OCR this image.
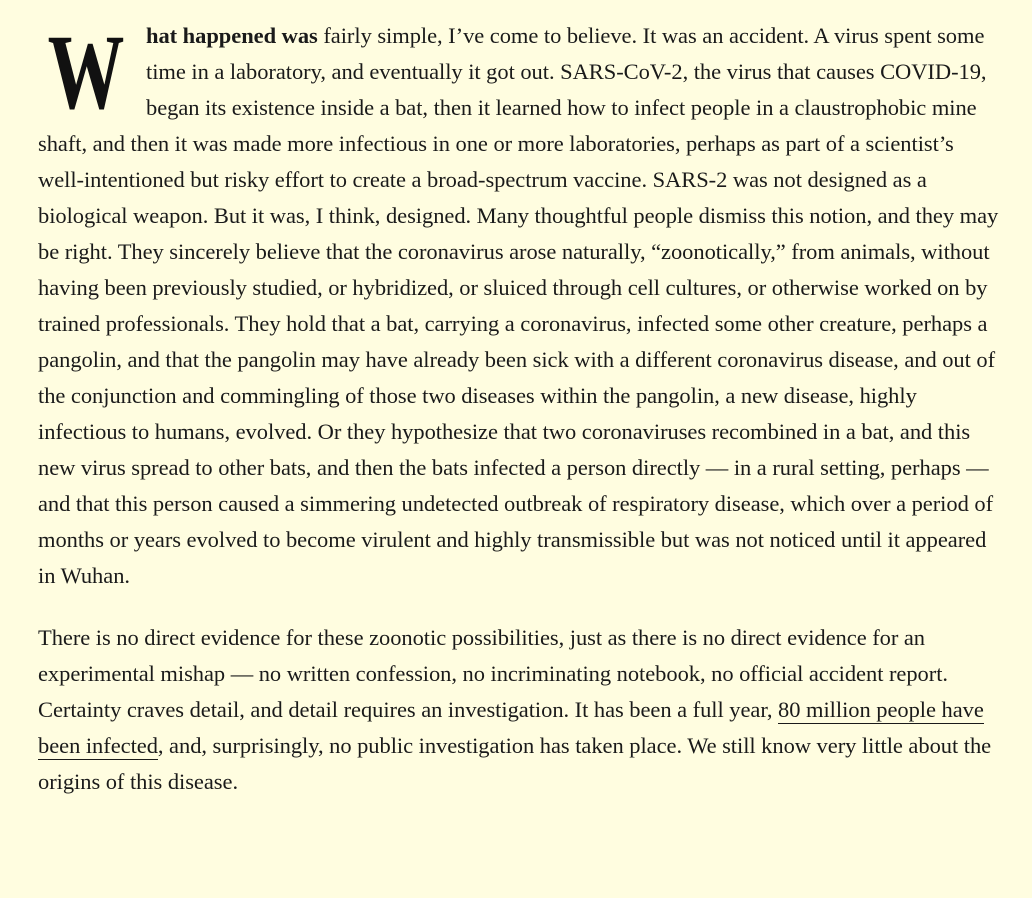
W hat happened was fairly simple, I’ve come to believe. It was an accident. A virus spent some time in a laboratory, and eventually it got out. SARS-CoV-2, the virus that causes COVID-19, began its existence inside a bat, then it learned how to infect people in a claustrophobic mine shaft, and then it was made more infectious in one or more laboratories, perhaps as part of a scientist’s well-intentioned but risky effort to create a broad-spectrum vaccine. SARS-2 was not designed as a biological weapon. But it was, I think, designed. Many thoughtful people dismiss this notion, and they may be right. They sincerely believe that the coronavirus arose naturally, “zoonotically,” from animals, without having been previously studied, or hybridized, or sluiced through cell cultures, or otherwise worked on by trained professionals. They hold that a bat, carrying a coronavirus, infected some other creature, perhaps a pangolin, and that the pangolin may have already been sick with a different coronavirus disease, and out of the conjunction and commingling of those two diseases within the pangolin, a new disease, highly infectious to humans, evolved. Or they hypothesize that two coronaviruses recombined in a bat, and this new virus spread to other bats, and then the bats infected a person directly — in a rural setting, perhaps — and that this person caused a simmering undetected outbreak of respiratory disease, which over a period of months or years evolved to become virulent and highly transmissible but was not noticed until it appeared in Wuhan.

There is no direct evidence for these zoonotic possibilities, just as there is no direct evidence for an experimental mishap — no written confession, no incriminating notebook, no official accident report. Certainty craves detail, and detail requires an investigation. It has been a full year, 80 million people have been infected, and, surprisingly, no public investigation has taken place. We still know very little about the origins of this disease.
